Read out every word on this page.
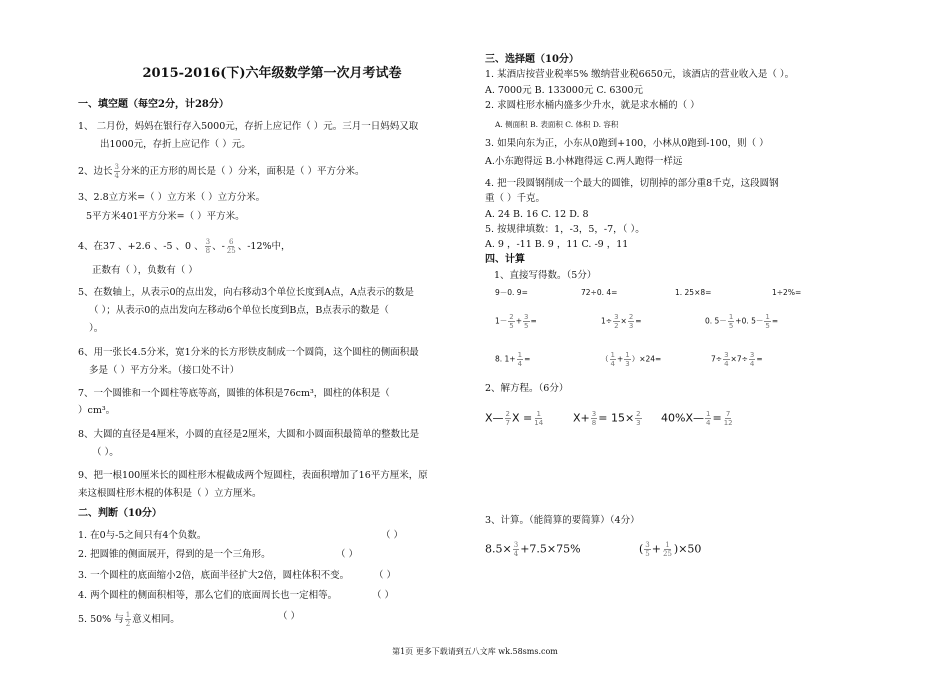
2015-2016(下)六年级数学第一次月考试卷
一、填空题（每空2分，计28分）
1、 二月份，妈妈在银行存入5000元，存折上应记作（ ）元。三月一日妈妈又取
出1000元，存折上应记作（ ）元。
2、边长 $\frac{3}{4}$ 分米的正方形的周长是（ ）分米，面积是（ ）平方分米。
3、2.8立方米=（ ）立方米（ ）立方分米。
5平方米401平方分米=（ ）平方米。
4、在37 、+2.6 、-5 、0 、 $\frac{3}{8}$ 、- $\frac{6}{25}$ 、-12%中，
正数有（ ），负数有（ ）
5、在数轴上，从表示0的点出发，向右移动3个单位长度到A点，A点表示的数是
（ ）；从表示0的点出发向左移动6个单位长度到B点，B点表示的数是（
）。
6、用一张长4.5分米，宽1分米的长方形铁皮制成一个圆筒，这个圆柱的侧面积最
多是（ ）平方分米。（接口处不计）
7、一个圆锥和一个圆柱等底等高，圆锥的体积是76cm³，圆柱的体积是（
）cm³。
8、大圆的直径是4厘米，小圆的直径是2厘米，大圆和小圆面积最简单的整数比是
（ ）。
9、把一根100厘米长的圆柱形木棍截成两个短圆柱，表面积增加了16平方厘米，原
来这根圆柱形木棍的体积是（ ）立方厘米。
二、判断（10分）
1. 在0与-5之间只有4个负数。	（ ）
2. 把圆锥的侧面展开，得到的是一个三角形。	（ ）
3. 一个圆柱的底面缩小2倍，底面半径扩大2倍，圆柱体积不变。	（ ）
4. 两个圆柱的侧面积相等，那么它们的底面周长也一定相等。	（ ）
5. 50% 与 $\frac{1}{2}$ 意义相同。	（ ）
三、选择题（10分）
1. 某酒店按营业税率5% 缴纳营业税6650元，该酒店的营业收入是（ ）。
A. 7000元 B. 133000元 C. 6300元
2. 求圆柱形水桶内盛多少升水，就是求水桶的（ ）
A. 侧面积 B. 表面积 C. 体积 D. 容积
3. 如果向东为正，小东从0跑到+100，小林从0跑到-100，则（ ）
A.小东跑得远 B.小林跑得远 C.两人跑得一样远
4. 把一段圆钢削成一个最大的圆锥，切削掉的部分重8千克，这段圆钢
重（ ）千克。
A. 24 B. 16 C. 12 D. 8
5. 按规律填数：1，-3，5，-7，（ ）。
A. 9 ，-11 B. 9 ，11 C. -9 ，11
四、计算
1、直接写得数。（5分）
9－0. 9=	72÷0. 4=	1. 25×8=	1÷2%=
$1- \frac{2}{5} + \frac{3}{5}$ =	$1\div \frac{3}{2} \times \frac{2}{3}$ =	0. $5- \frac{1}{5} +0$. $5- \frac{1}{5}$ =
8. $1+ \frac{1}{4}$ =	（ $\frac{1}{4} + \frac{1}{3} )\times 24=$	$7\div \frac{3}{4} \times 7\div \frac{3}{4}$ =
2、解方程。（6分）
X— $\frac{2}{7}$ $X = \frac{1}{14}$	$X+ \frac{3}{8} = 15\times \frac{2}{3}$ 40%X— $\frac{1}{4} = \frac{7}{12}$
3、计算。（能简算的要简算）（4分）
$8.5\times \frac{3}{4} +7.5\times 75\%$	( $\frac{3}{5} + \frac{1}{25} )\times 50$
第1页 更多下载请到五八文库 wk.58sms.com
